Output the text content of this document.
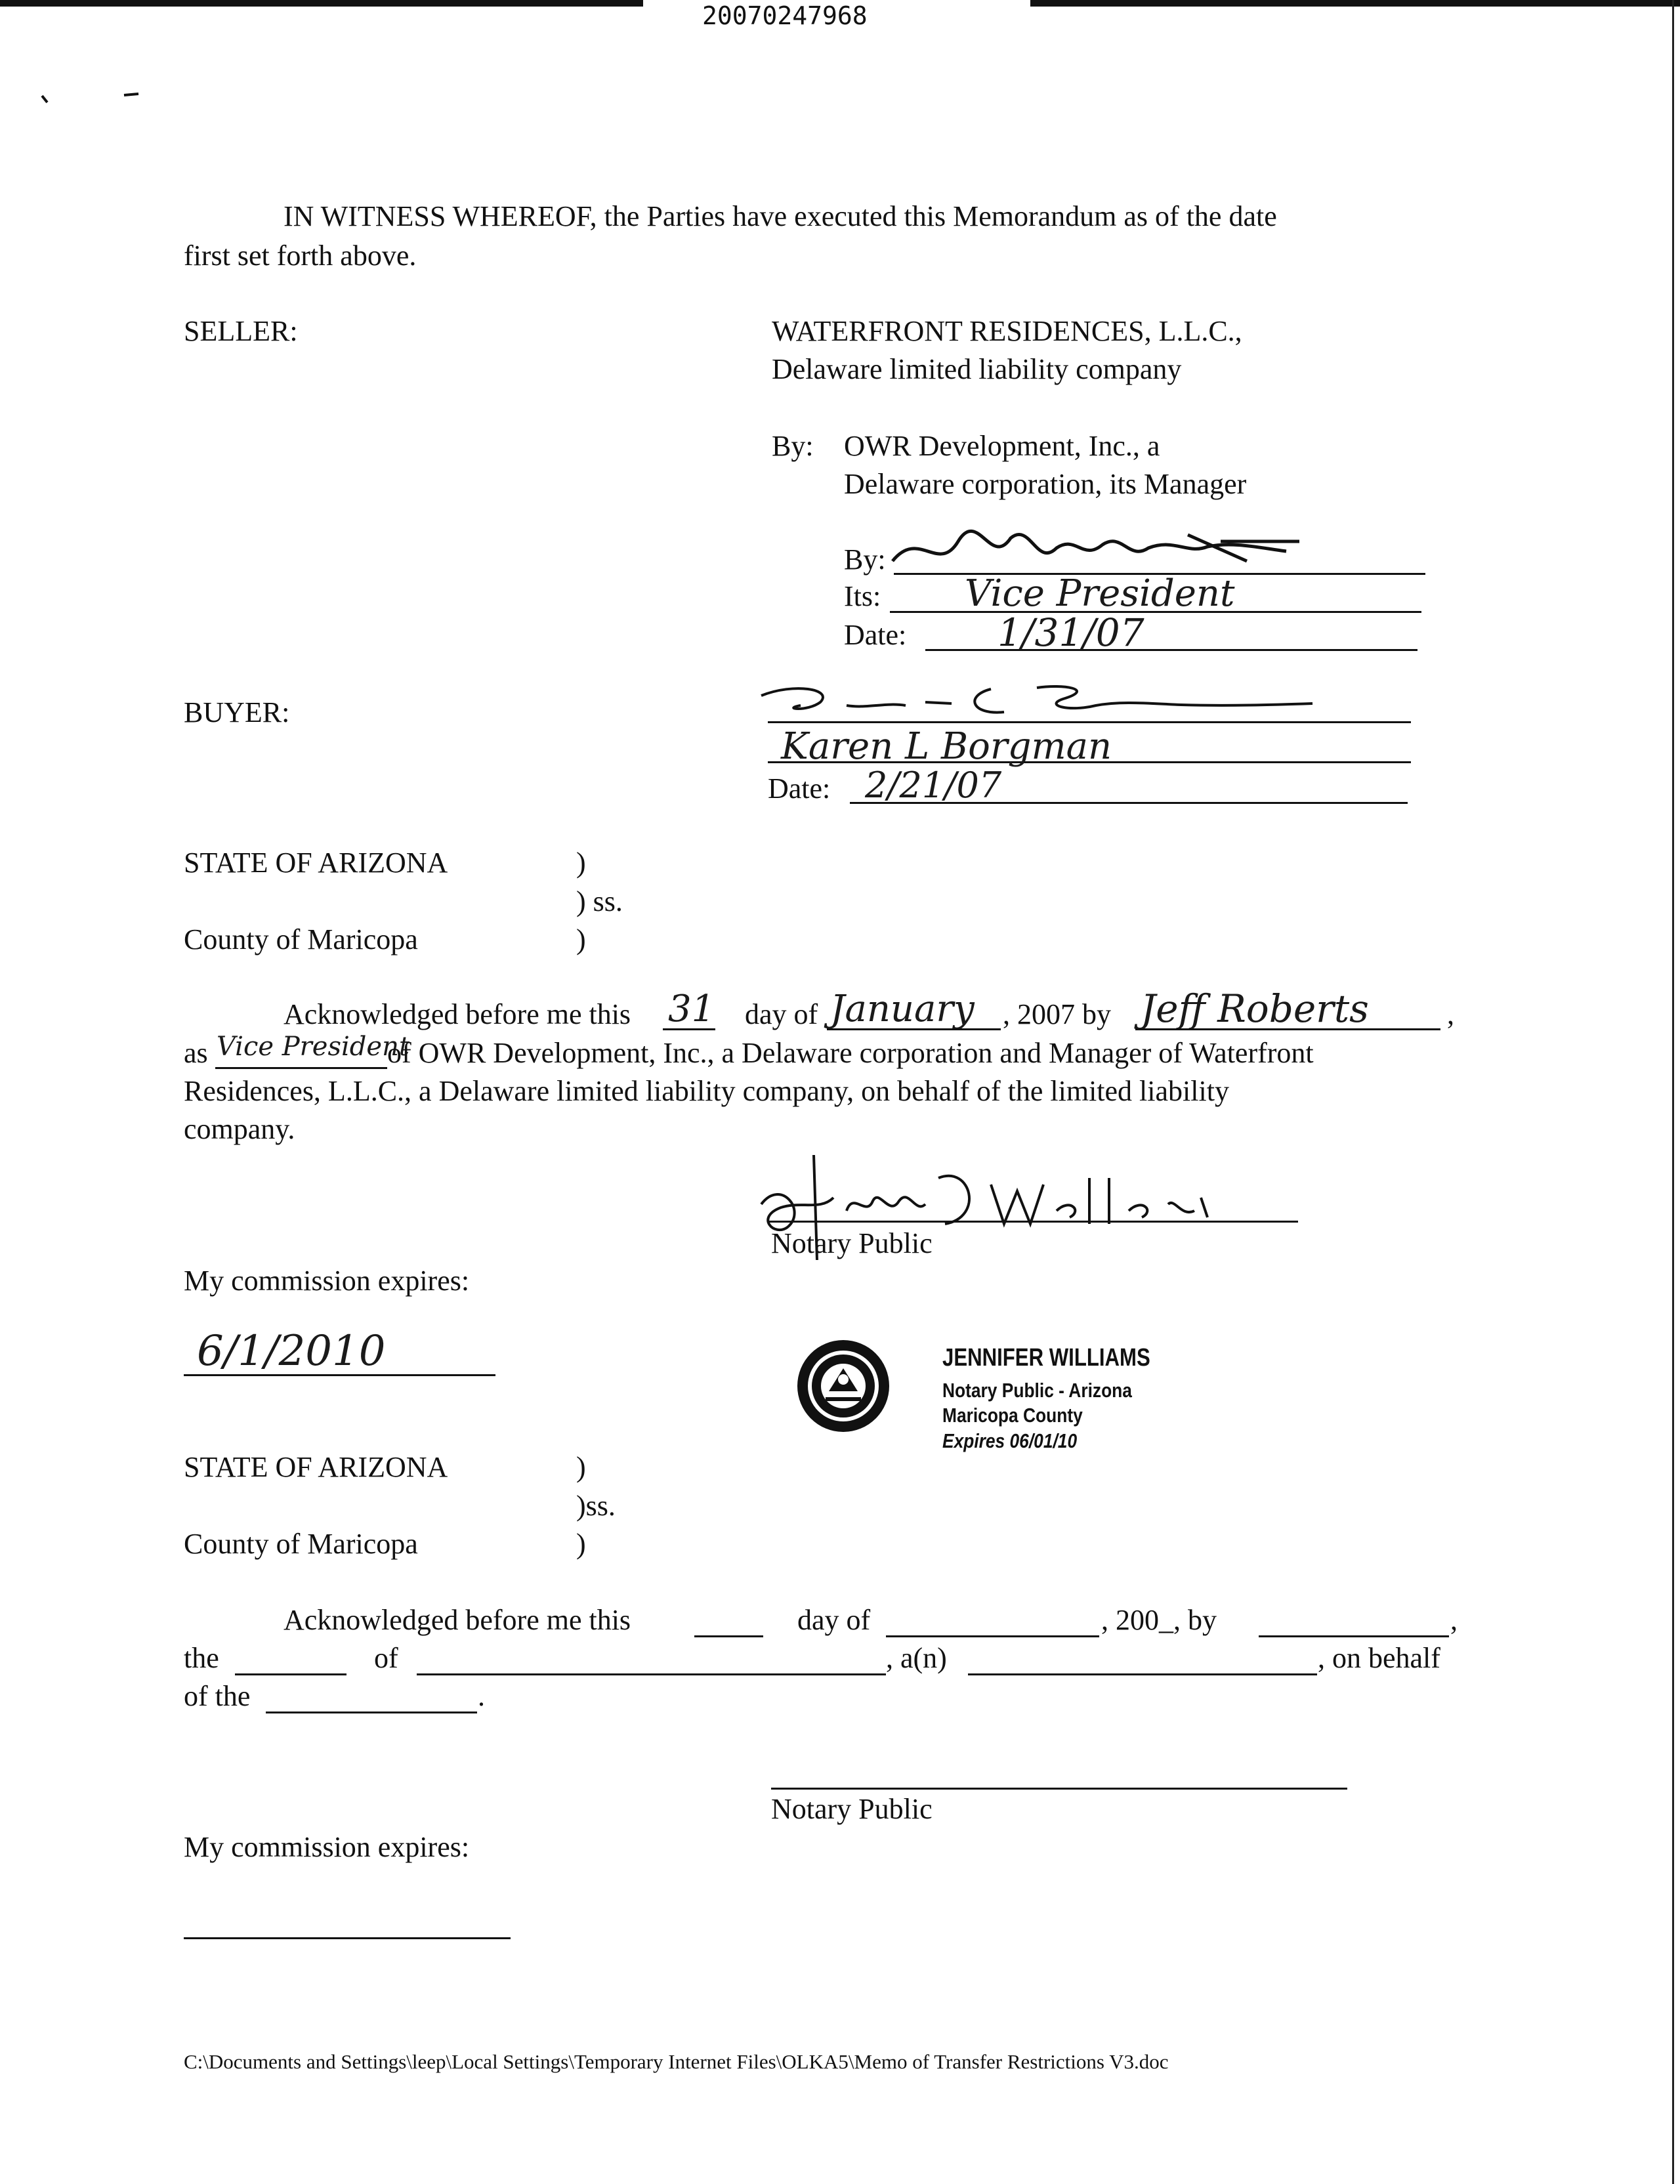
20070247968
IN WITNESS WHEREOF, the Parties have executed this Memorandum as of the date
first set forth above.
SELLER:	WATERFRONT RESIDENCES, L.L.C.,
Delaware limited liability company
By: OWR Development, Inc., a
Delaware corporation, its Manager
By:
Its: Vice President
Date: 1/31/07
BUYER:
Karen L Borgman
Date: 2/21/07
STATE OF ARIZONA	)
) ss.
County of Maricopa	)
Acknowledged before me this 31 day of January , 2007 by Jeff Roberts	,
as Vice President
of OWR Development, Inc., a Delaware corporation and Manager of Waterfront
Residences, L.L.C., a Delaware limited liability company, on behalf of the limited liability
company.
Notary Public
My commission expires:
6/1/2010	JENNIFER WILLIAMS
Notary Public - Arizona
Maricopa County
Expires 06/01/10
STATE OF ARIZONA	)
)ss.
County of Maricopa	)
Acknowledged before me this	day of	, 200_, by	,
the	of	, a(n)	, on behalf
of the	.
Notary Public
My commission expires:
C:\Documents and Settings\leep\Local Settings\Temporary Internet Files\OLKA5\Memo of Transfer Restrictions V3.doc
